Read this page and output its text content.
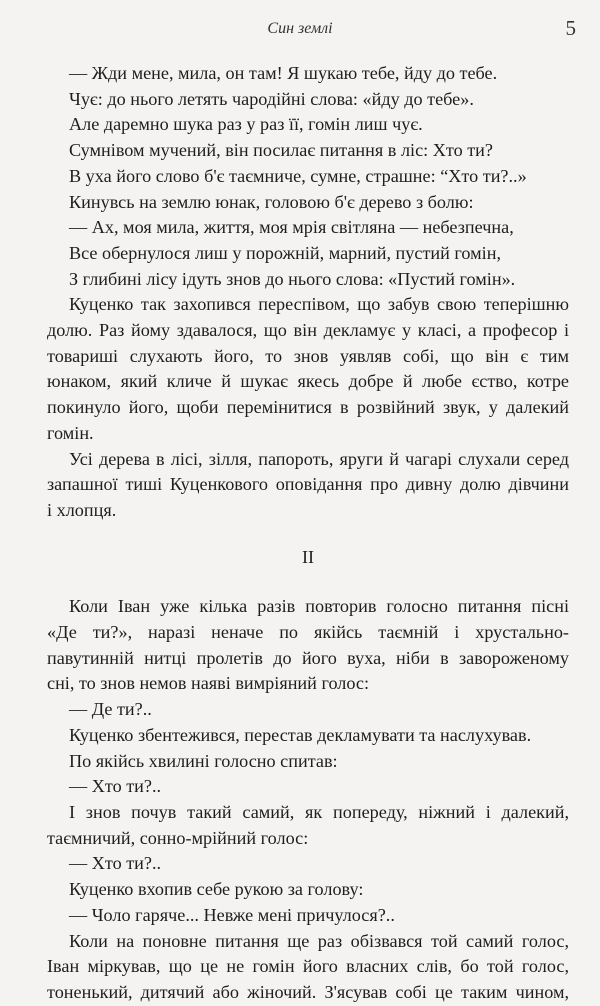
Син землі	5

— Жди мене, мила, он там! Я шукаю тебе, йду до тебе.

Чує: до нього летять чародійні слова: «йду до тебе».

Але даремно шука раз у раз її, гомін лиш чує.

Сумнівом мучений, він посилає питання в ліс: Хто ти?

В уха його слово б'є таємниче, сумне, страшне: “Хто ти?..»

Кинувсь на землю юнак, головою б'є дерево з болю:

— Ах, моя мила, життя, моя мрія світляна — небезпечна,

Все обернулося лиш у порожній, марний, пустий гомін,

З глибині лісу ідуть знов до нього слова: «Пустий гомін».

Куценко так захопився переспівом, що забув свою теперішню

долю. Раз йому здавалося, що він декламує у класі, а професор і

товариші слухають його, то знов уявляв собі, що він є тим

юнаком, який кличе й шукає якесь добре й любе єство, котре

покинуло його, щоби перемінитися в розвійний звук, у далекий

гомін.

Усі дерева в лісі, зілля, папороть, яруги й чагарі слухали серед

запашної тиші Куценкового оповідання про дивну долю дівчини

і хлопця.

II

Коли Іван уже кілька разів повторив голосно питання пісні

«Де ти?», наразі неначе по якійсь таємній і хрустально-

павутинній нитці пролетів до його вуха, ніби в завороженому

сні, то знов немов наяві вимріяний голос:

— Де ти?..

Куценко збентежився, перестав декламувати та наслухував.

По якійсь хвилині голосно спитав:

— Хто ти?..

І знов почув такий самий, як попереду, ніжний і далекий,

таємничий, сонно-мрійний голос:

— Хто ти?..

Куценко вхопив себе рукою за голову:

— Чоло гаряче... Невже мені причулося?..

Коли на поновне питання ще раз обізвався той самий голос,

Іван міркував, що це не гомін його власних слів, бо той голос,

тоненький, дитячий або жіночий. З'ясував собі це таким чином,
